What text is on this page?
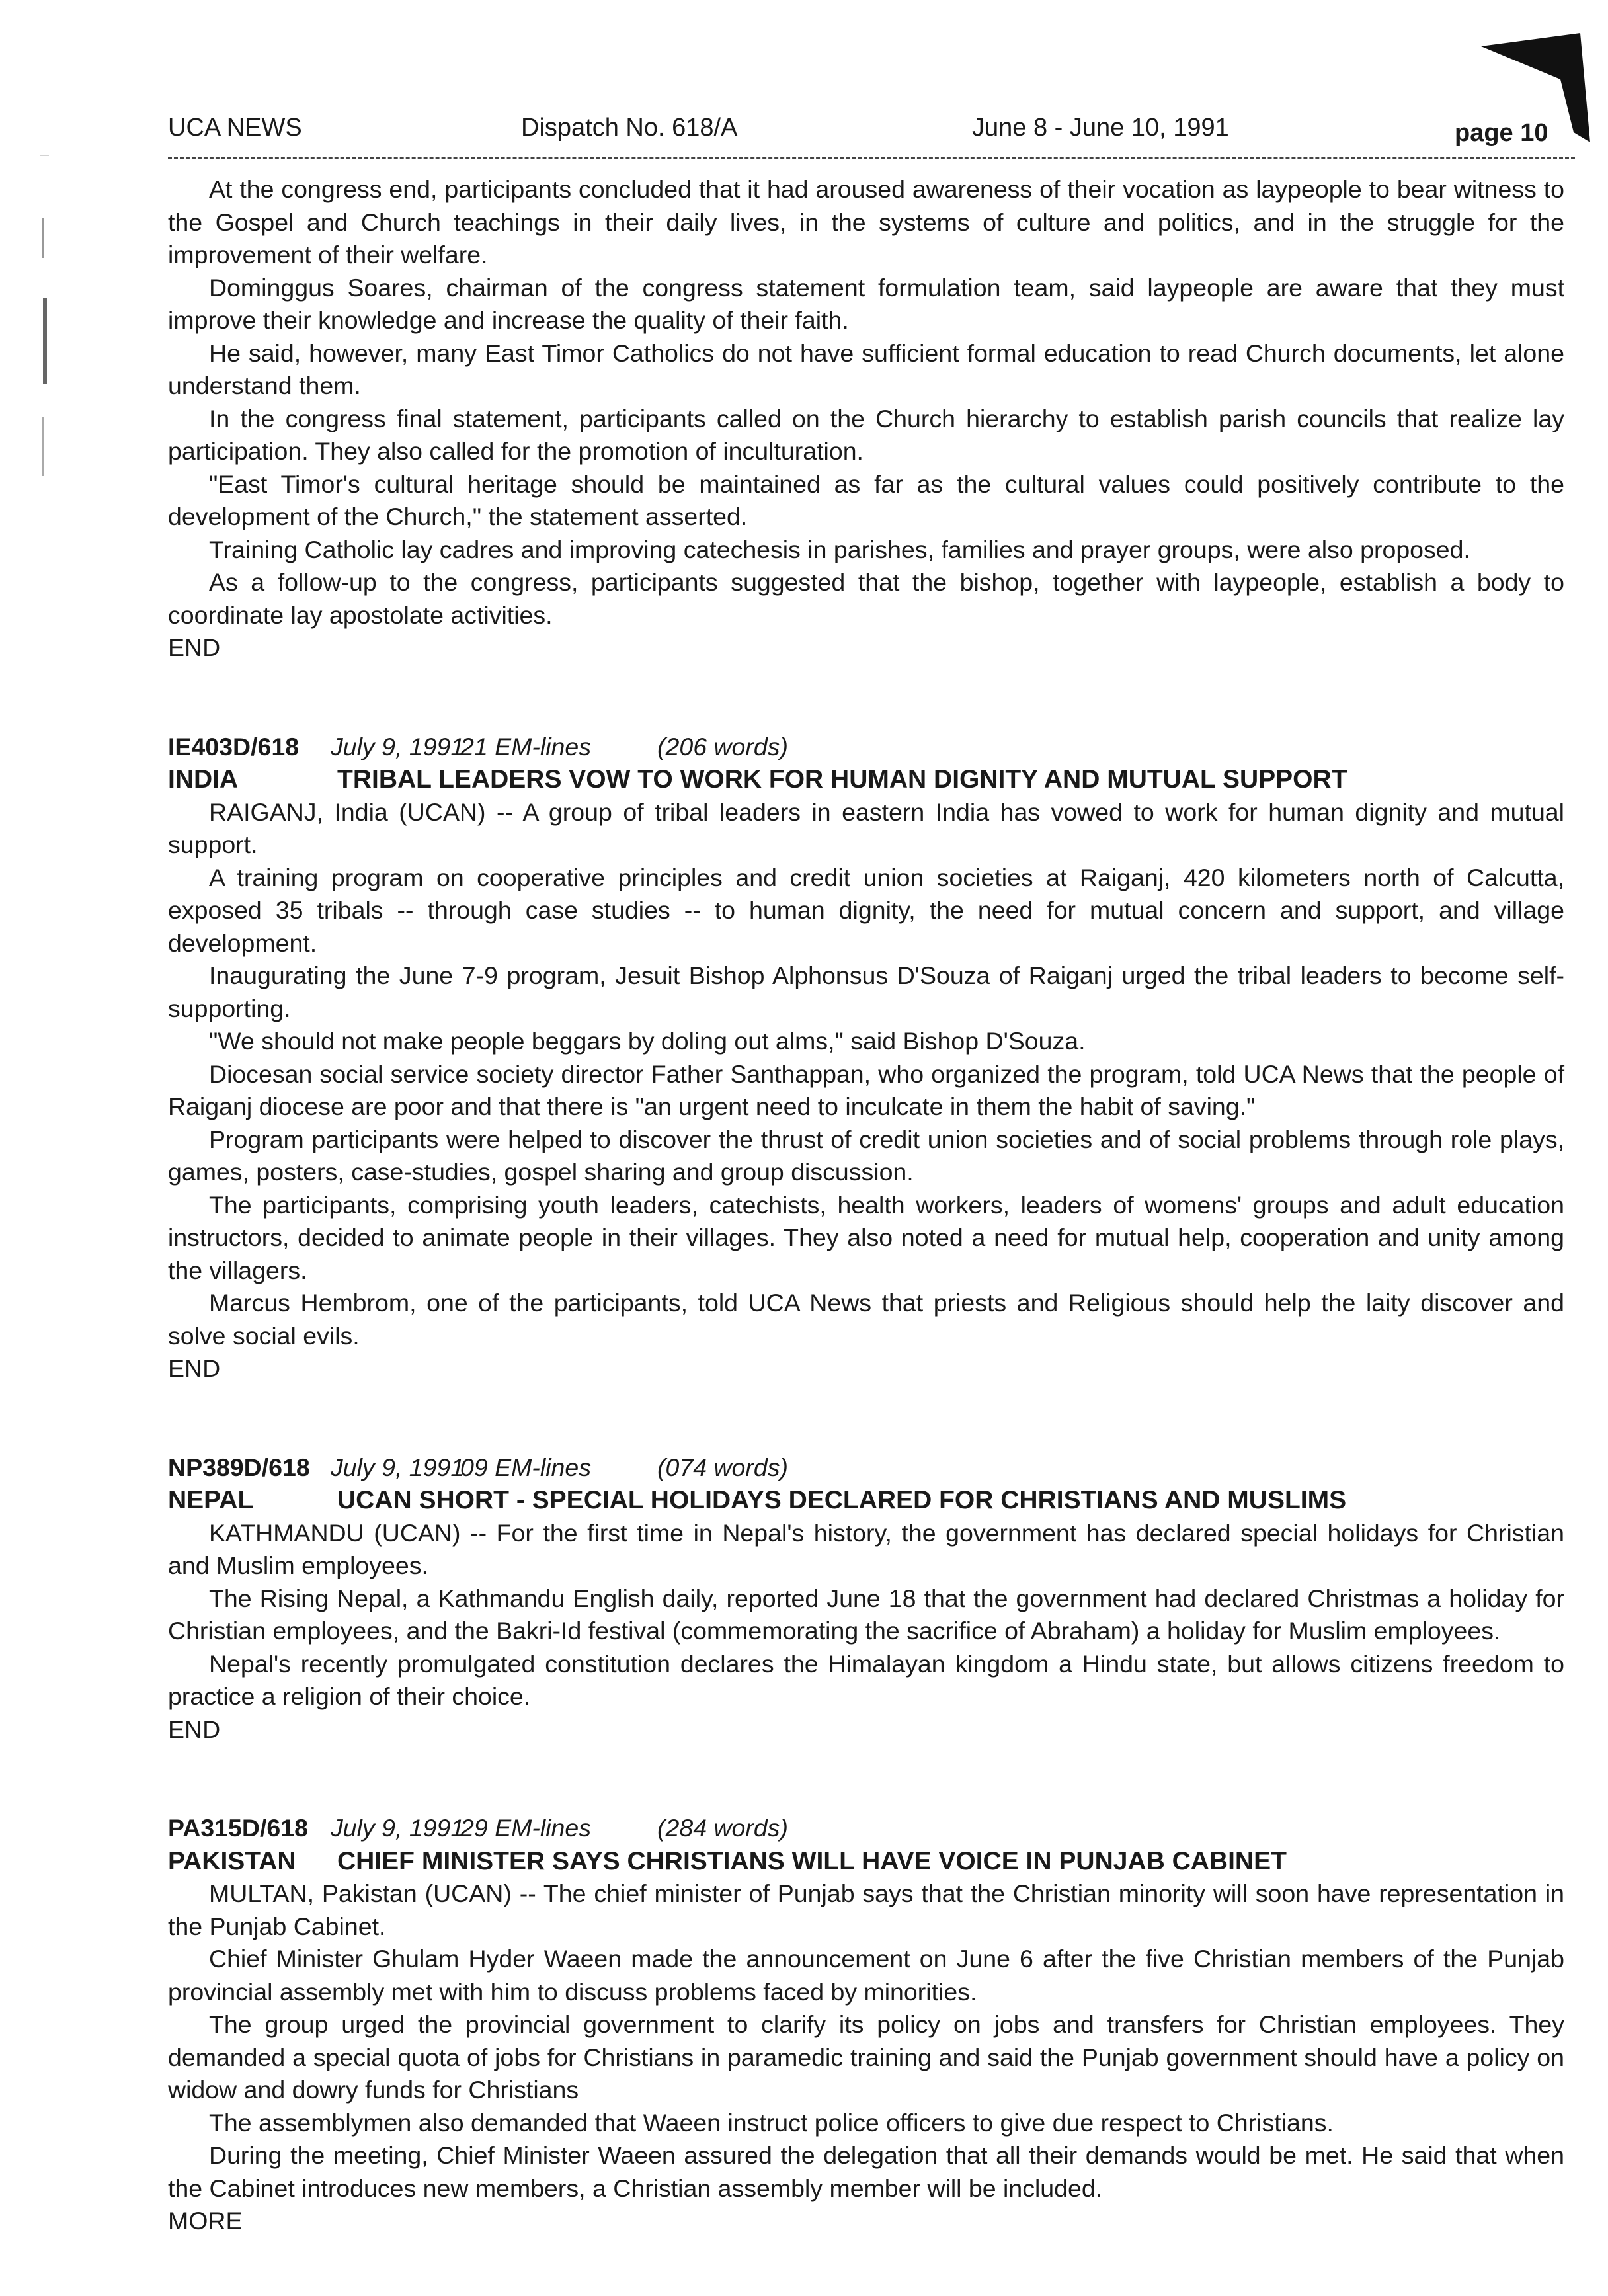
UCA NEWS	Dispatch No. 618/A	June 8 - June 10, 1991	page 10

At the congress end, participants concluded that it had aroused awareness of their vocation as laypeople to bear witness to the Gospel and Church teachings in their daily lives, in the systems of culture and politics, and in the struggle for the improvement of their welfare.

Dominggus Soares, chairman of the congress statement formulation team, said laypeople are aware that they must improve their knowledge and increase the quality of their faith.

He said, however, many East Timor Catholics do not have sufficient formal education to read Church documents, let alone understand them.

In the congress final statement, participants called on the Church hierarchy to establish parish councils that realize lay participation. They also called for the promotion of inculturation.

"East Timor's cultural heritage should be maintained as far as the cultural values could positively contribute to the development of the Church," the statement asserted.

Training Catholic lay cadres and improving catechesis in parishes, families and prayer groups, were also proposed.

As a follow-up to the congress, participants suggested that the bishop, together with laypeople, establish a body to coordinate lay apostolate activities.

END

IE403D/618 July 9, 199121 EM-lines	(206 words)

INDIA	TRIBAL LEADERS VOW TO WORK FOR HUMAN DIGNITY AND MUTUAL SUPPORT

RAIGANJ, India (UCAN) -- A group of tribal leaders in eastern India has vowed to work for human dignity and mutual support.

A training program on cooperative principles and credit union societies at Raiganj, 420 kilometers north of Calcutta, exposed 35 tribals -- through case studies -- to human dignity, the need for mutual concern and support, and village development.

Inaugurating the June 7-9 program, Jesuit Bishop Alphonsus D'Souza of Raiganj urged the tribal leaders to become self-supporting.

"We should not make people beggars by doling out alms," said Bishop D'Souza.

Diocesan social service society director Father Santhappan, who organized the program, told UCA News that the people of Raiganj diocese are poor and that there is "an urgent need to inculcate in them the habit of saving."

Program participants were helped to discover the thrust of credit union societies and of social problems through role plays, games, posters, case-studies, gospel sharing and group discussion.

The participants, comprising youth leaders, catechists, health workers, leaders of womens' groups and adult education instructors, decided to animate people in their villages. They also noted a need for mutual help, cooperation and unity among the villagers.

Marcus Hembrom, one of the participants, told UCA News that priests and Religious should help the laity discover and solve social evils.

END

NP389D/618 July 9, 199109 EM-lines	(074 words)

NEPAL	UCAN SHORT - SPECIAL HOLIDAYS DECLARED FOR CHRISTIANS AND MUSLIMS

KATHMANDU (UCAN) -- For the first time in Nepal's history, the government has declared special holidays for Christian and Muslim employees.

The Rising Nepal, a Kathmandu English daily, reported June 18 that the government had declared Christmas a holiday for Christian employees, and the Bakri-Id festival (commemorating the sacrifice of Abraham) a holiday for Muslim employees.

Nepal's recently promulgated constitution declares the Himalayan kingdom a Hindu state, but allows citizens freedom to practice a religion of their choice.

END

PA315D/618 July 9, 199129 EM-lines	(284 words)

PAKISTAN CHIEF MINISTER SAYS CHRISTIANS WILL HAVE VOICE IN PUNJAB CABINET

MULTAN, Pakistan (UCAN) -- The chief minister of Punjab says that the Christian minority will soon have representation in the Punjab Cabinet.

Chief Minister Ghulam Hyder Waeen made the announcement on June 6 after the five Christian members of the Punjab provincial assembly met with him to discuss problems faced by minorities.

The group urged the provincial government to clarify its policy on jobs and transfers for Christian employees. They demanded a special quota of jobs for Christians in paramedic training and said the Punjab government should have a policy on widow and dowry funds for Christians

The assemblymen also demanded that Waeen instruct police officers to give due respect to Christians.

During the meeting, Chief Minister Waeen assured the delegation that all their demands would be met. He said that when the Cabinet introduces new members, a Christian assembly member will be included.

MORE
